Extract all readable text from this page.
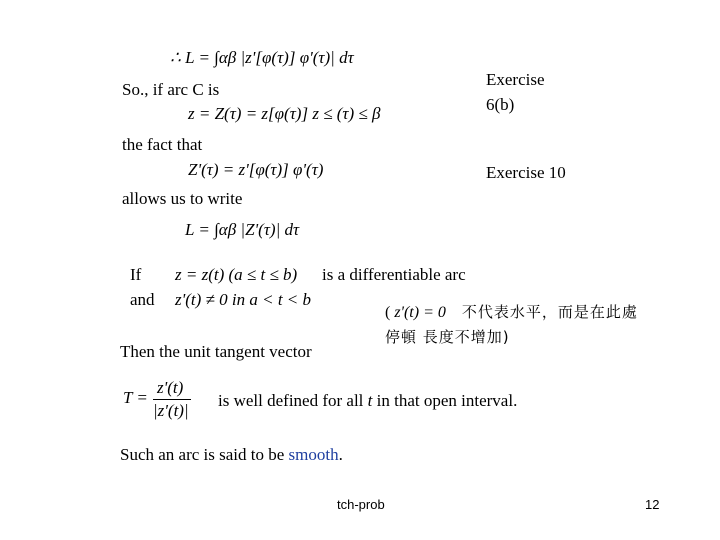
∴ L = ∫αβ |z'[φ(τ)] φ'(τ)| dτ
So., if arc C is
z = Z(τ) = z[φ(τ)] z ≤ (τ) ≤ β
the fact that
Z'(τ) = z'[φ(τ)] φ'(τ)
allows us to write
L = ∫αβ |Z'(τ)| dτ
Exercise
6(b)
Exercise 10
If z = z(t) (a ≤ t ≤ b) is a differentiable arc
and z'(t) ≠ 0 in a < t < b
( z'(t) = 0 不代表水平，而是在此處
停頓 長度不增加)
Then the unit tangent vector
T =
z'(t)
|z'(t)|
is well defined for all t in that open interval.
Such an arc is said to be smooth.
tch-prob	12
